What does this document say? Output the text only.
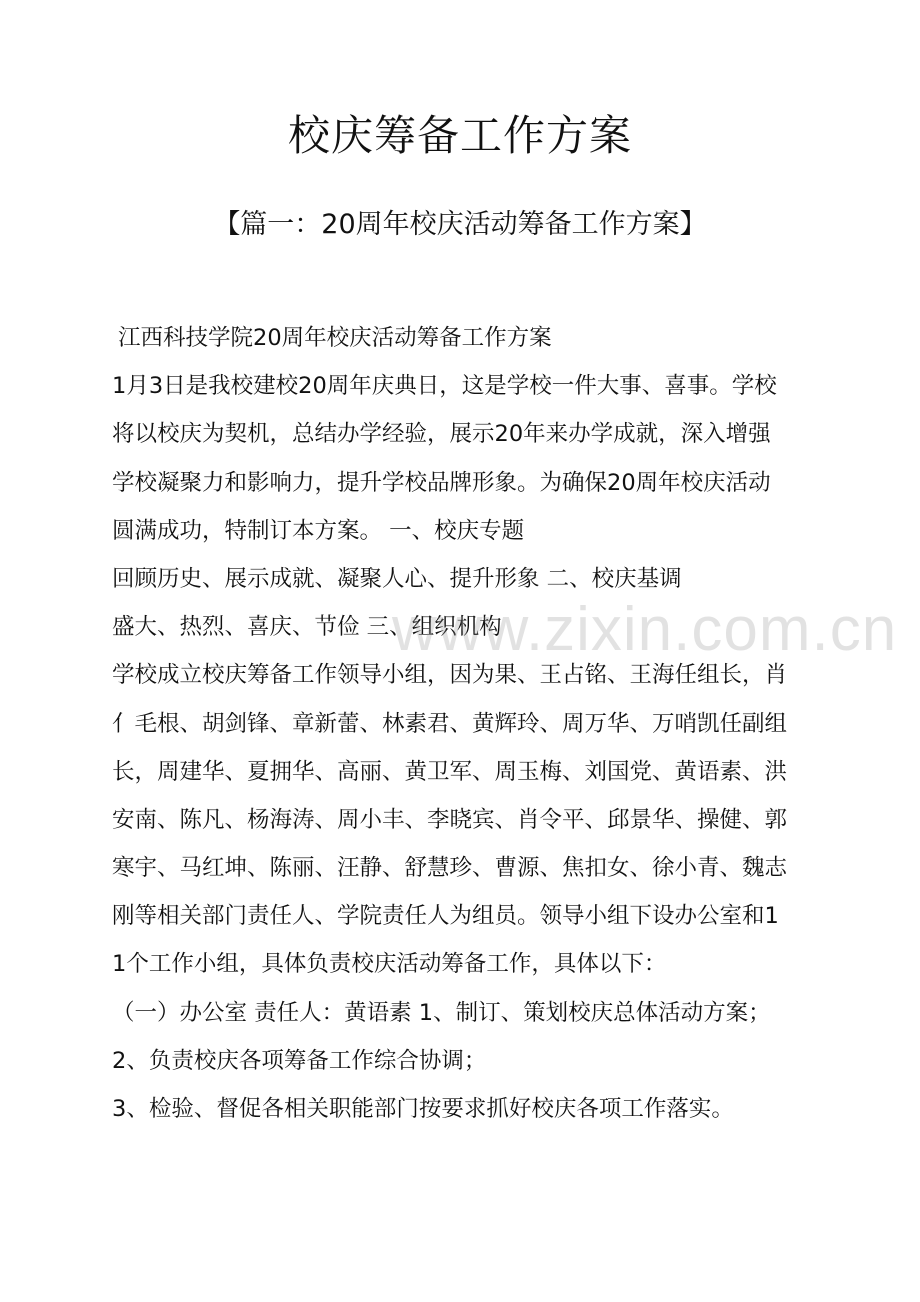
校庆筹备工作方案
【篇一：20周年校庆活动筹备工作方案】
江西科技学院20周年校庆活动筹备工作方案
1月3日是我校建校20周年庆典日，这是学校一件大事、喜事。学校
将以校庆为契机，总结办学经验，展示20年来办学成就，深入增强
学校凝聚力和影响力，提升学校品牌形象。为确保20周年校庆活动
圆满成功，特制订本方案。 一、校庆专题
回顾历史、展示成就、凝聚人心、提升形象 二、校庆基调
盛大、热烈、喜庆、节俭 三、组织机构
学校成立校庆筹备工作领导小组，因为果、王占铭、王海任组长，肖
亻毛根、胡剑锋、章新蕾、林素君、黄辉玲、周万华、万哨凯任副组
长，周建华、夏拥华、高丽、黄卫军、周玉梅、刘国党、黄语素、洪
安南、陈凡、杨海涛、周小丰、李晓宾、肖令平、邱景华、操健、郭
寒宇、马红坤、陈丽、汪静、舒慧珍、曹源、焦扣女、徐小青、魏志
刚等相关部门责任人、学院责任人为组员。领导小组下设办公室和1
1个工作小组，具体负责校庆活动筹备工作，具体以下：
（一）办公室 责任人：黄语素 1、制订、策划校庆总体活动方案；
2、负责校庆各项筹备工作综合协调；
3、检验、督促各相关职能部门按要求抓好校庆各项工作落实。
www.zixin.com.cn
